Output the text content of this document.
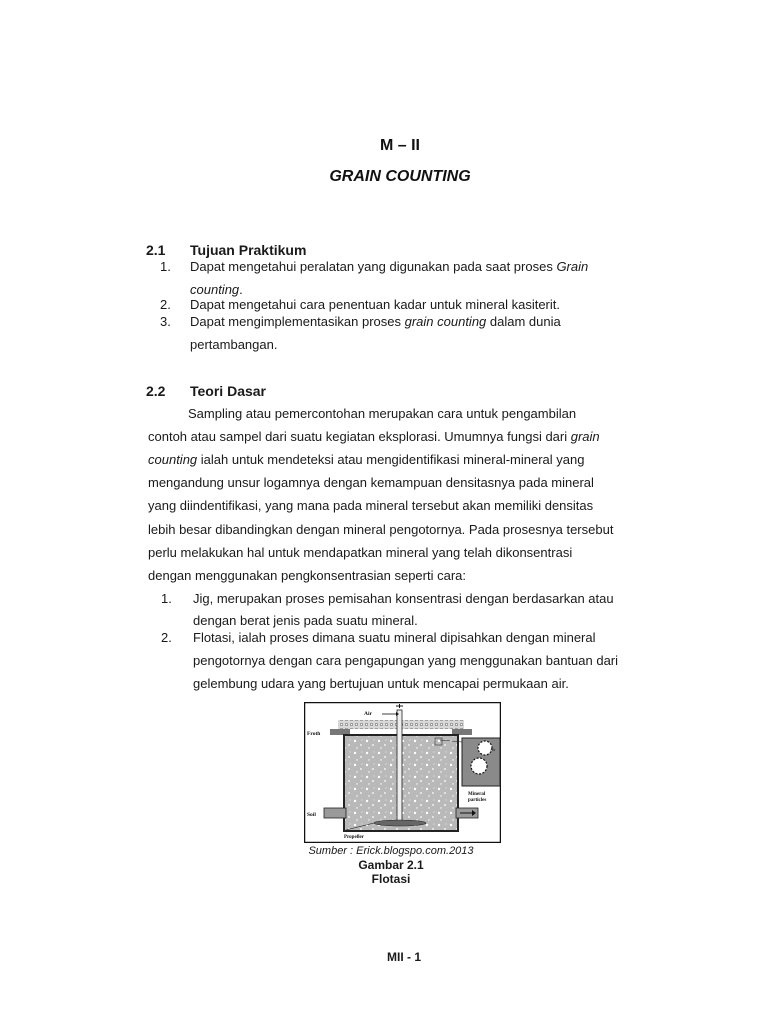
M – II
GRAIN COUNTING
2.1 Tujuan Praktikum
1. Dapat mengetahui peralatan yang digunakan pada saat proses Grain
counting.
2. Dapat mengetahui cara penentuan kadar untuk mineral kasiterit.
3. Dapat mengimplementasikan proses grain counting dalam dunia
pertambangan.
2.2 Teori Dasar
Sampling atau pemercontohan merupakan cara untuk pengambilan
contoh atau sampel dari suatu kegiatan eksplorasi. Umumnya fungsi dari grain
counting ialah untuk mendeteksi atau mengidentifikasi mineral-mineral yang
mengandung unsur logamnya dengan kemampuan densitasnya pada mineral
yang diindentifikasi, yang mana pada mineral tersebut akan memiliki densitas
lebih besar dibandingkan dengan mineral pengotornya. Pada prosesnya tersebut
perlu melakukan hal untuk mendapatkan mineral yang telah dikonsentrasi
dengan menggunakan pengkonsentrasian seperti cara:
1. Jig, merupakan proses pemisahan konsentrasi dengan berdasarkan atau
dengan berat jenis pada suatu mineral.
2. Flotasi, ialah proses dimana suatu mineral dipisahkan dengan mineral
pengotornya dengan cara pengapungan yang menggunakan bantuan dari
gelembung udara yang bertujuan untuk mencapai permukaan air.
Air
Froth
Soil
Propeller
Air
Mineral
particles
Sumber : Erick.blogspo.com.2013
Gambar 2.1
Flotasi
MII - 1
